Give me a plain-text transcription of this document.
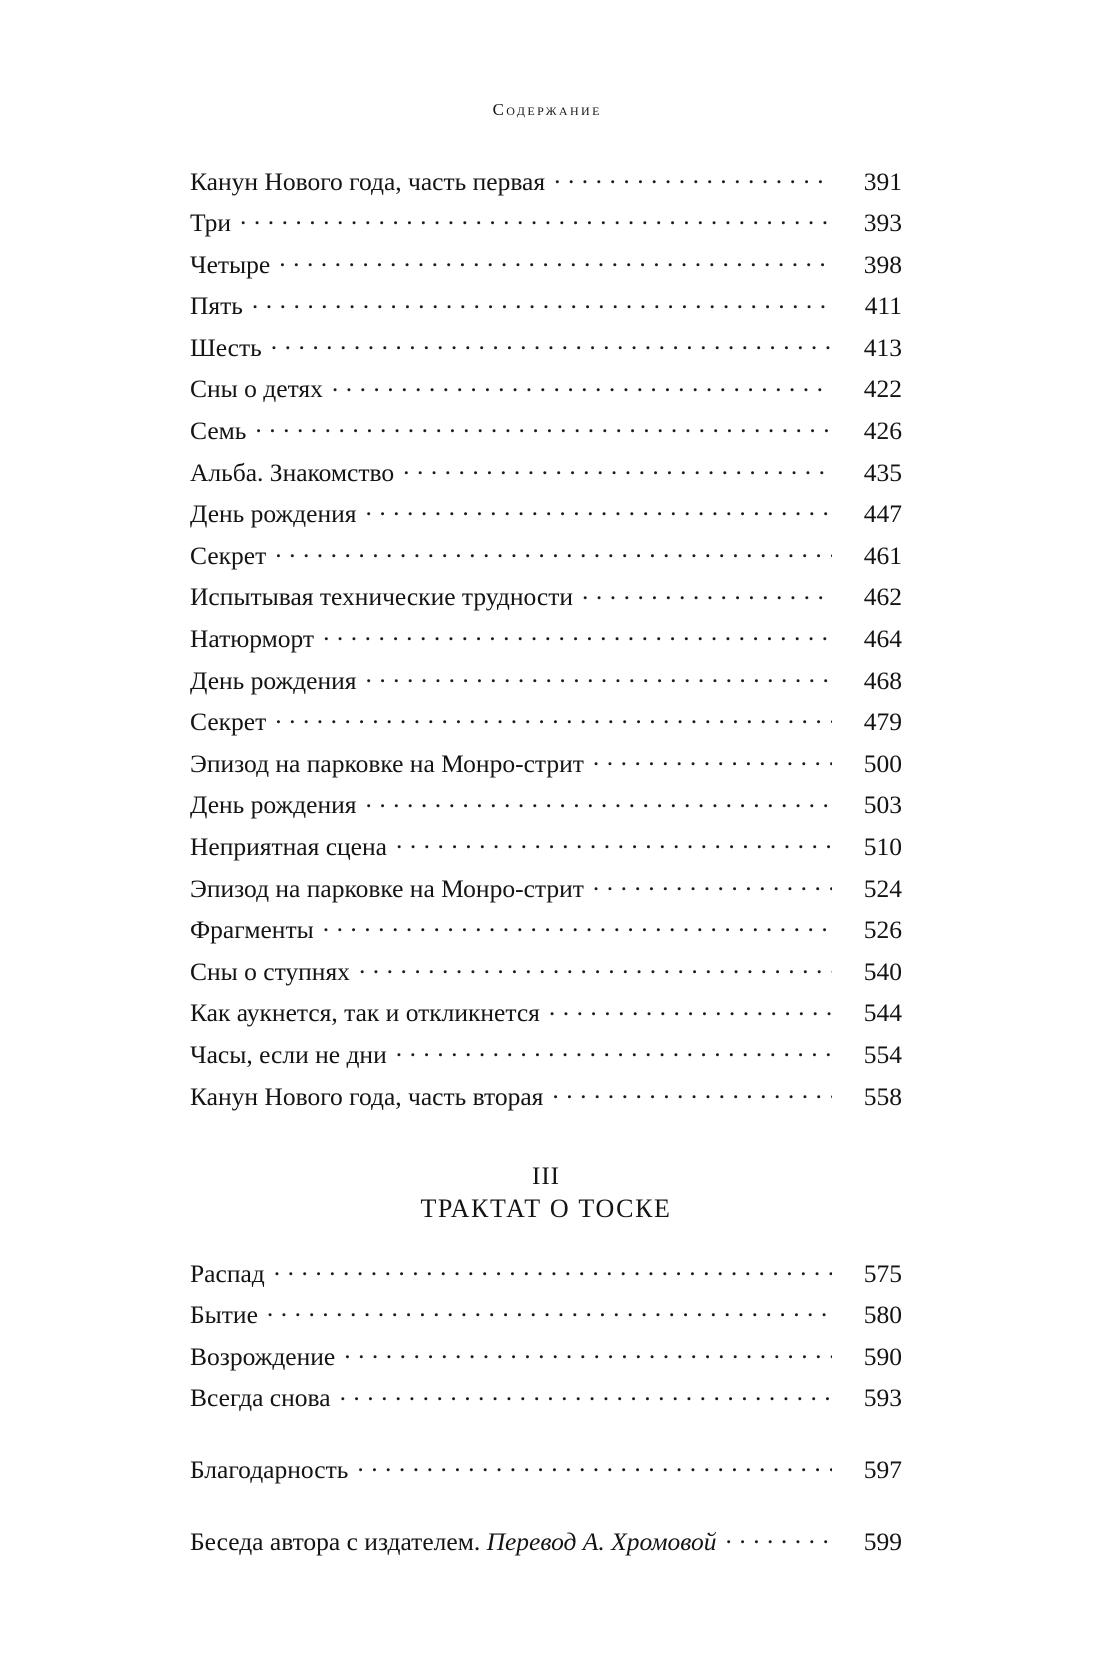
Содержание
Канун Нового года, часть первая . . .	391
Три . . .	393
Четыре . . .	398
Пять . . .	411
Шесть . . .	413
Сны о детях . . .	422
Семь . . .	426
Альба. Знакомство . . .	435
День рождения . . .	447
Секрет . . .	461
Испытывая технические трудности . . .	462
Натюрморт . . .	464
День рождения . . .	468
Секрет . . .	479
Эпизод на парковке на Монро-стрит . . .	500
День рождения . . .	503
Неприятная сцена . . .	510
Эпизод на парковке на Монро-стрит . . .	524
Фрагменты . . .	526
Сны о ступнях . . .	540
Как аукнется, так и откликнется . . .	544
Часы, если не дни . . .	554
Канун Нового года, часть вторая . . .	558
III
ТРАКТАТ О ТОСКЕ
Распад . . .	575
Бытие . . .	580
Возрождение . . .	590
Всегда снова . . .	593
Благодарность . . .	597
Беседа автора с издателем. Перевод А. Хромовой . . .	599
